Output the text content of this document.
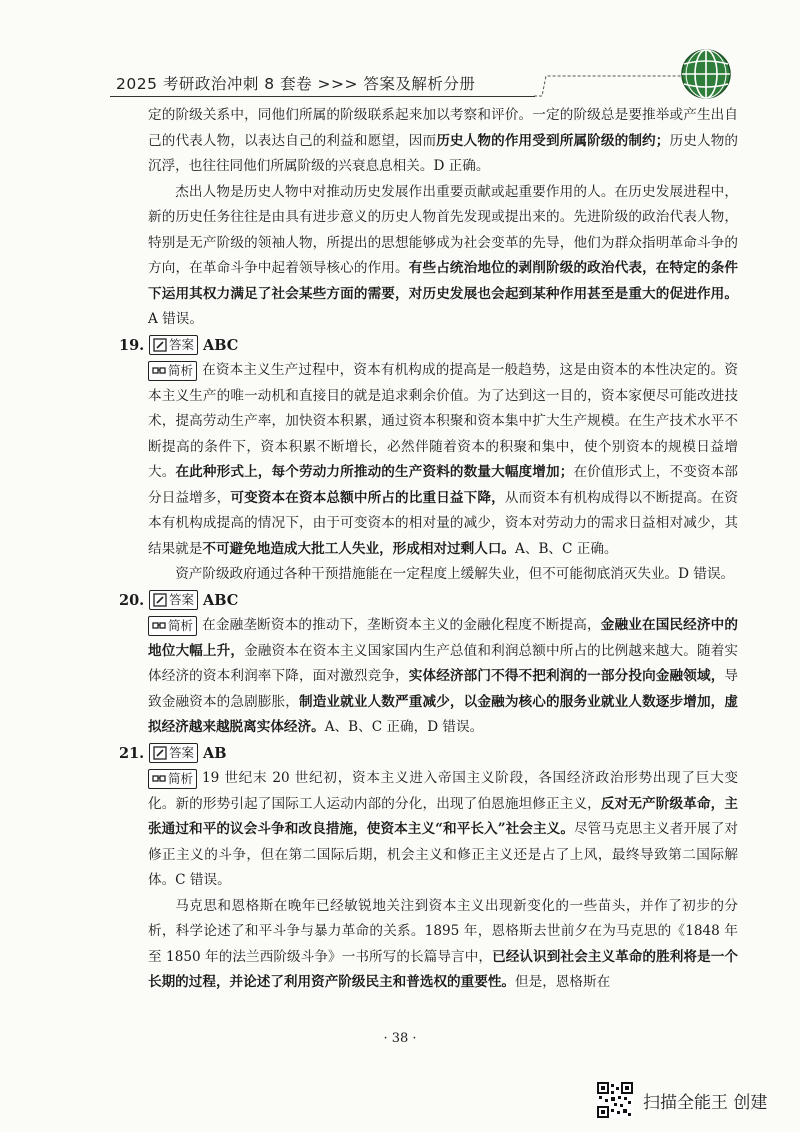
2025 考研政治冲刺 8 套卷 >>> 答案及解析分册

定的阶级关系中，同他们所属的阶级联系起来加以考察和评价。一定的阶级总是要推举或产生出自己的代表人物，以表达自己的利益和愿望，因而历史人物的作用受到所属阶级的制约；历史人物的沉浮，也往往同他们所属阶级的兴衰息息相关。D 正确。

杰出人物是历史人物中对推动历史发展作出重要贡献或起重要作用的人。在历史发展进程中，新的历史任务往往是由具有进步意义的历史人物首先发现或提出来的。先进阶级的政治代表人物，特别是无产阶级的领袖人物，所提出的思想能够成为社会变革的先导，他们为群众指明革命斗争的方向，在革命斗争中起着领导核心的作用。有些占统治地位的剥削阶级的政治代表，在特定的条件下运用其权力满足了社会某些方面的需要，对历史发展也会起到某种作用甚至是重大的促进作用。A 错误。

19.	答案 ABC

简析 在资本主义生产过程中，资本有机构成的提高是一般趋势，这是由资本的本性决定的。资本主义生产的唯一动机和直接目的就是追求剩余价值。为了达到这一目的，资本家便尽可能改进技术，提高劳动生产率，加快资本积累，通过资本积聚和资本集中扩大生产规模。在生产技术水平不断提高的条件下，资本积累不断增长，必然伴随着资本的积聚和集中，使个别资本的规模日益增大。在此种形式上，每个劳动力所推动的生产资料的数量大幅度增加；在价值形式上，不变资本部分日益增多，可变资本在资本总额中所占的比重日益下降，从而资本有机构成得以不断提高。在资本有机构成提高的情况下，由于可变资本的相对量的减少，资本对劳动力的需求日益相对减少，其结果就是不可避免地造成大批工人失业，形成相对过剩人口。A、B、C 正确。

资产阶级政府通过各种干预措施能在一定程度上缓解失业，但不可能彻底消灭失业。D 错误。

20.	答案 ABC

简析 在金融垄断资本的推动下，垄断资本主义的金融化程度不断提高，金融业在国民经济中的地位大幅上升，金融资本在资本主义国家国内生产总值和利润总额中所占的比例越来越大。随着实体经济的资本利润率下降，面对激烈竞争，实体经济部门不得不把利润的一部分投向金融领域，导致金融资本的急剧膨胀，制造业就业人数严重减少，以金融为核心的服务业就业人数逐步增加，虚拟经济越来越脱离实体经济。A、B、C 正确，D 错误。

21.	答案 AB

简析 19 世纪末 20 世纪初，资本主义进入帝国主义阶段，各国经济政治形势出现了巨大变化。新的形势引起了国际工人运动内部的分化，出现了伯恩施坦修正主义，反对无产阶级革命，主张通过和平的议会斗争和改良措施，使资本主义“和平长入”社会主义。尽管马克思主义者开展了对修正主义的斗争，但在第二国际后期，机会主义和修正主义还是占了上风，最终导致第二国际解体。C 错误。

马克思和恩格斯在晚年已经敏锐地关注到资本主义出现新变化的一些苗头，并作了初步的分析，科学论述了和平斗争与暴力革命的关系。1895 年，恩格斯去世前夕在为马克思的《1848 年至 1850 年的法兰西阶级斗争》一书所写的长篇导言中，已经认识到社会主义革命的胜利将是一个长期的过程，并论述了利用资产阶级民主和普选权的重要性。但是，恩格斯在

· 38 ·
扫描全能王 创建
